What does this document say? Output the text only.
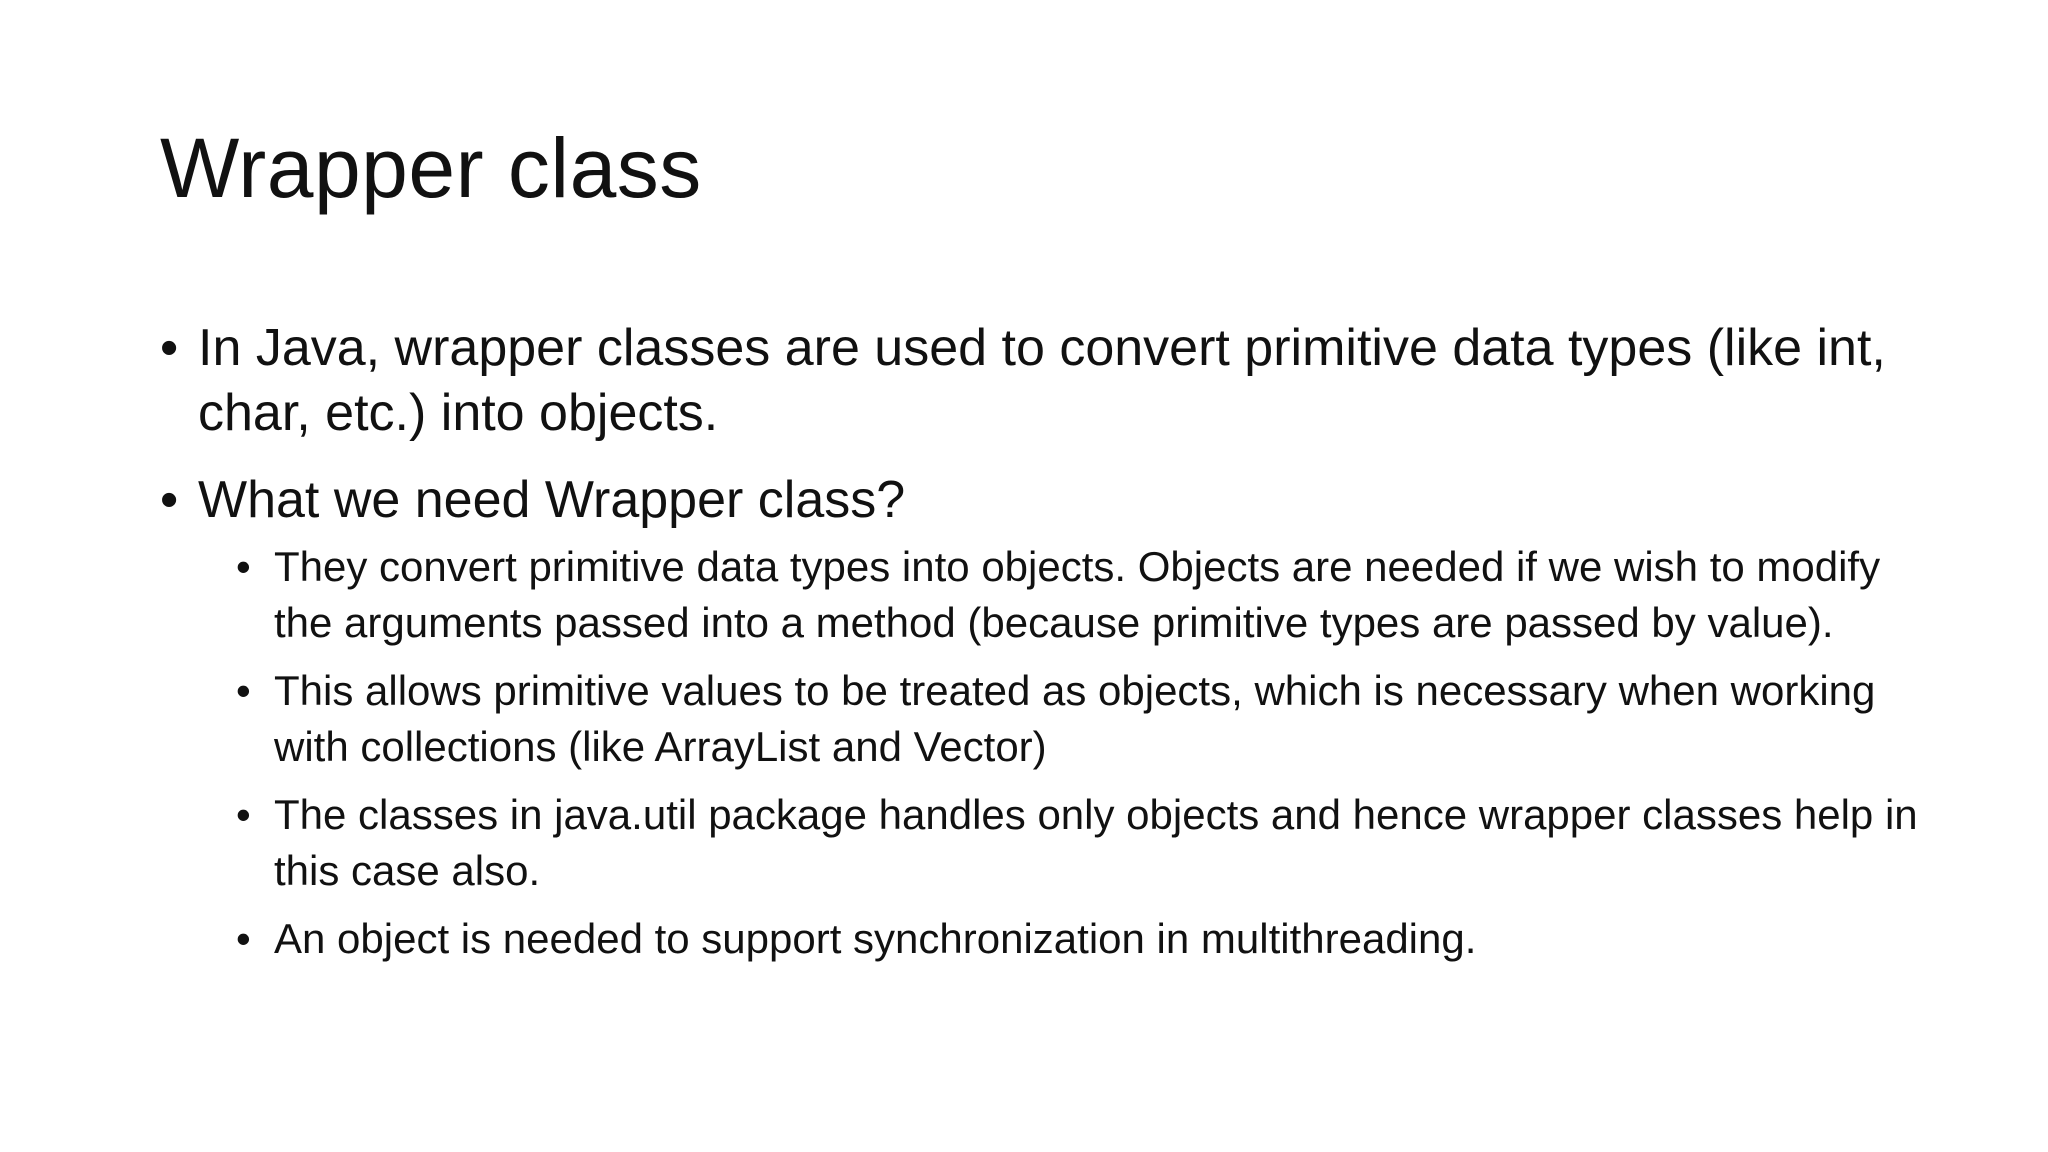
Wrapper class
• In Java, wrapper classes are used to convert primitive data types (like int, char, etc.) into objects.
• What we need Wrapper class?
• They convert primitive data types into objects. Objects are needed if we wish to modify the arguments passed into a method (because primitive types are passed by value).
• This allows primitive values to be treated as objects, which is necessary when working with collections (like ArrayList and Vector)
• The classes in java.util package handles only objects and hence wrapper classes help in this case also.
• An object is needed to support synchronization in multithreading.
